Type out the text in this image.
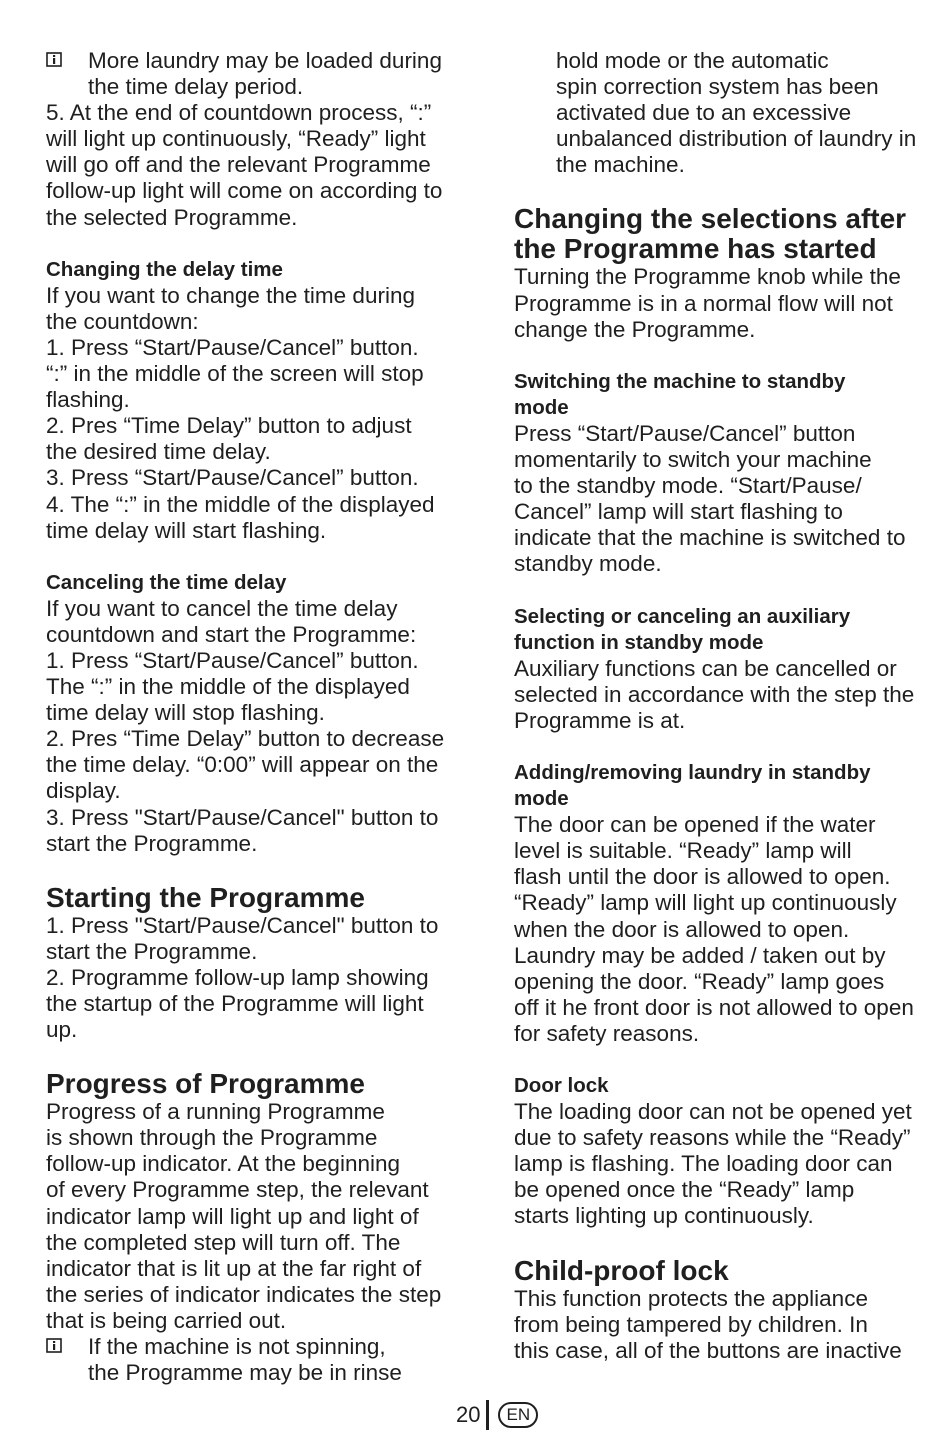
More laundry may be loaded during
the time delay period.

5. At the end of countdown process, “:”
will light up continuously, “Ready” light
will go off and the relevant Programme
follow-up light will come on according to
the selected Programme.

Changing the delay time

If you want to change the time during
the countdown:
1. Press “Start/Pause/Cancel” button.
“:” in the middle of the screen will stop
flashing.
2. Pres “Time Delay” button to adjust
the desired time delay.
3. Press “Start/Pause/Cancel” button.
4. The “:” in the middle of the displayed
time delay will start flashing.

Canceling the time delay

If you want to cancel the time delay
countdown and start the Programme:
1. Press “Start/Pause/Cancel” button.
The “:” in the middle of the displayed
time delay will stop flashing.
2. Pres “Time Delay” button to decrease
the time delay. “0:00” will appear on the
display.
3. Press "Start/Pause/Cancel" button to
start the Programme.

Starting the Programme

1. Press "Start/Pause/Cancel" button to
start the Programme.
2. Programme follow-up lamp showing
the startup of the Programme will light
up.

Progress of Programme

Progress of a running Programme
is shown through the Programme
follow-up indicator. At the beginning
of every Programme step, the relevant
indicator lamp will light up and light of
the completed step will turn off. The
indicator that is lit up at the far right of
the series of indicator indicates the step
that is being carried out.

If the machine is not spinning,
the Programme may be in rinse

hold mode or the automatic
spin correction system has been
activated due to an excessive
unbalanced distribution of laundry in
the machine.

Changing the selections after
the Programme has started

Turning the Programme knob while the
Programme is in a normal flow will not
change the Programme.

Switching the machine to standby
mode

Press “Start/Pause/Cancel” button
momentarily to switch your machine
to the standby mode. “Start/Pause/
Cancel” lamp will start flashing to
indicate that the machine is switched to
standby mode.

Selecting or canceling an auxiliary
function in standby mode

Auxiliary functions can be cancelled or
selected in accordance with the step the
Programme is at.

Adding/removing laundry in standby
mode

The door can be opened if the water
level is suitable. “Ready” lamp will
flash until the door is allowed to open.
“Ready” lamp will light up continuously
when the door is allowed to open.
Laundry may be added / taken out by
opening the door. “Ready” lamp goes
off it he front door is not allowed to open
for safety reasons.

Door lock

The loading door can not be opened yet
due to safety reasons while the “Ready”
lamp is flashing. The loading door can
be opened once the “Ready” lamp
starts lighting up continuously.

Child-proof lock

This function protects the appliance
from being tampered by children. In
this case, all of the buttons are inactive

20	EN
